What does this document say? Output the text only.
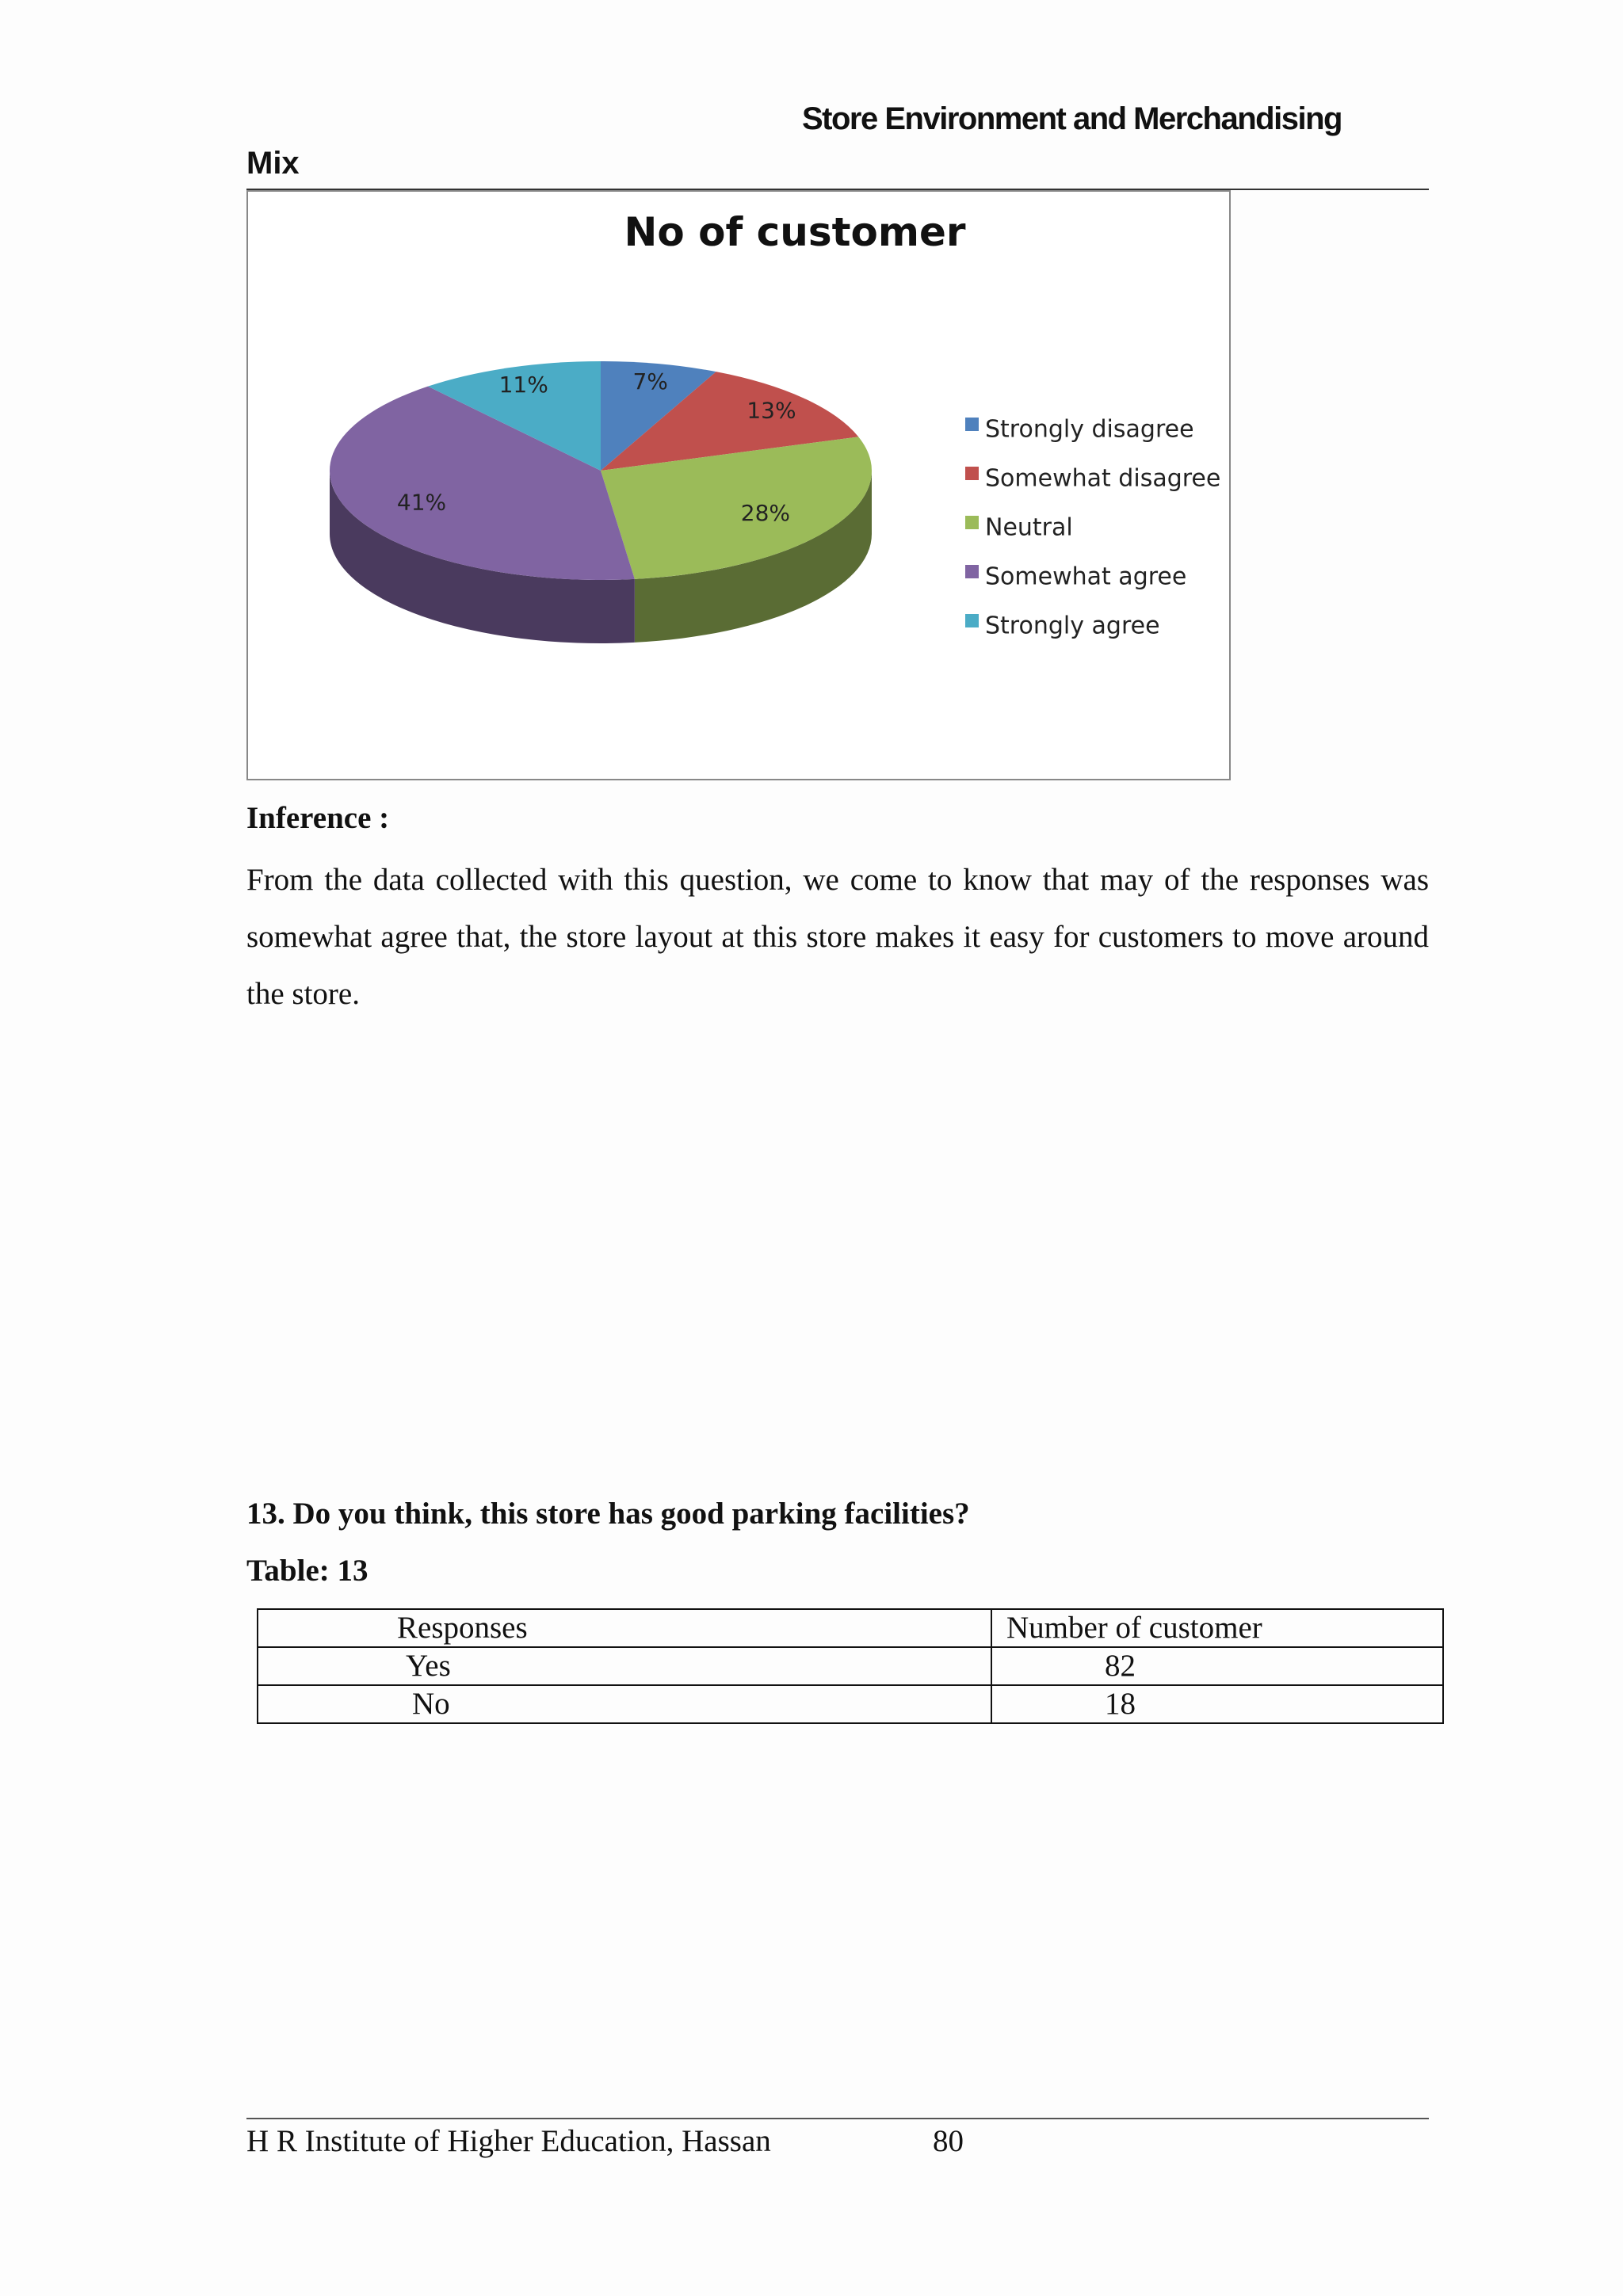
Store Environment and Merchandising
Mix
No of customer
7%
13%
28%
41%
11%
Strongly disagree
Somewhat disagree
Neutral
Somewhat agree
Strongly agree
Inference :
From the data collected with this question, we come to know that may of the responses was somewhat agree that, the store layout at this store makes it easy for customers to move around the store.
13. Do you think, this store has good parking facilities?
Table: 13
Responses	Number of customer
Yes	82
No	18
H R Institute of Higher Education, Hassan	80
